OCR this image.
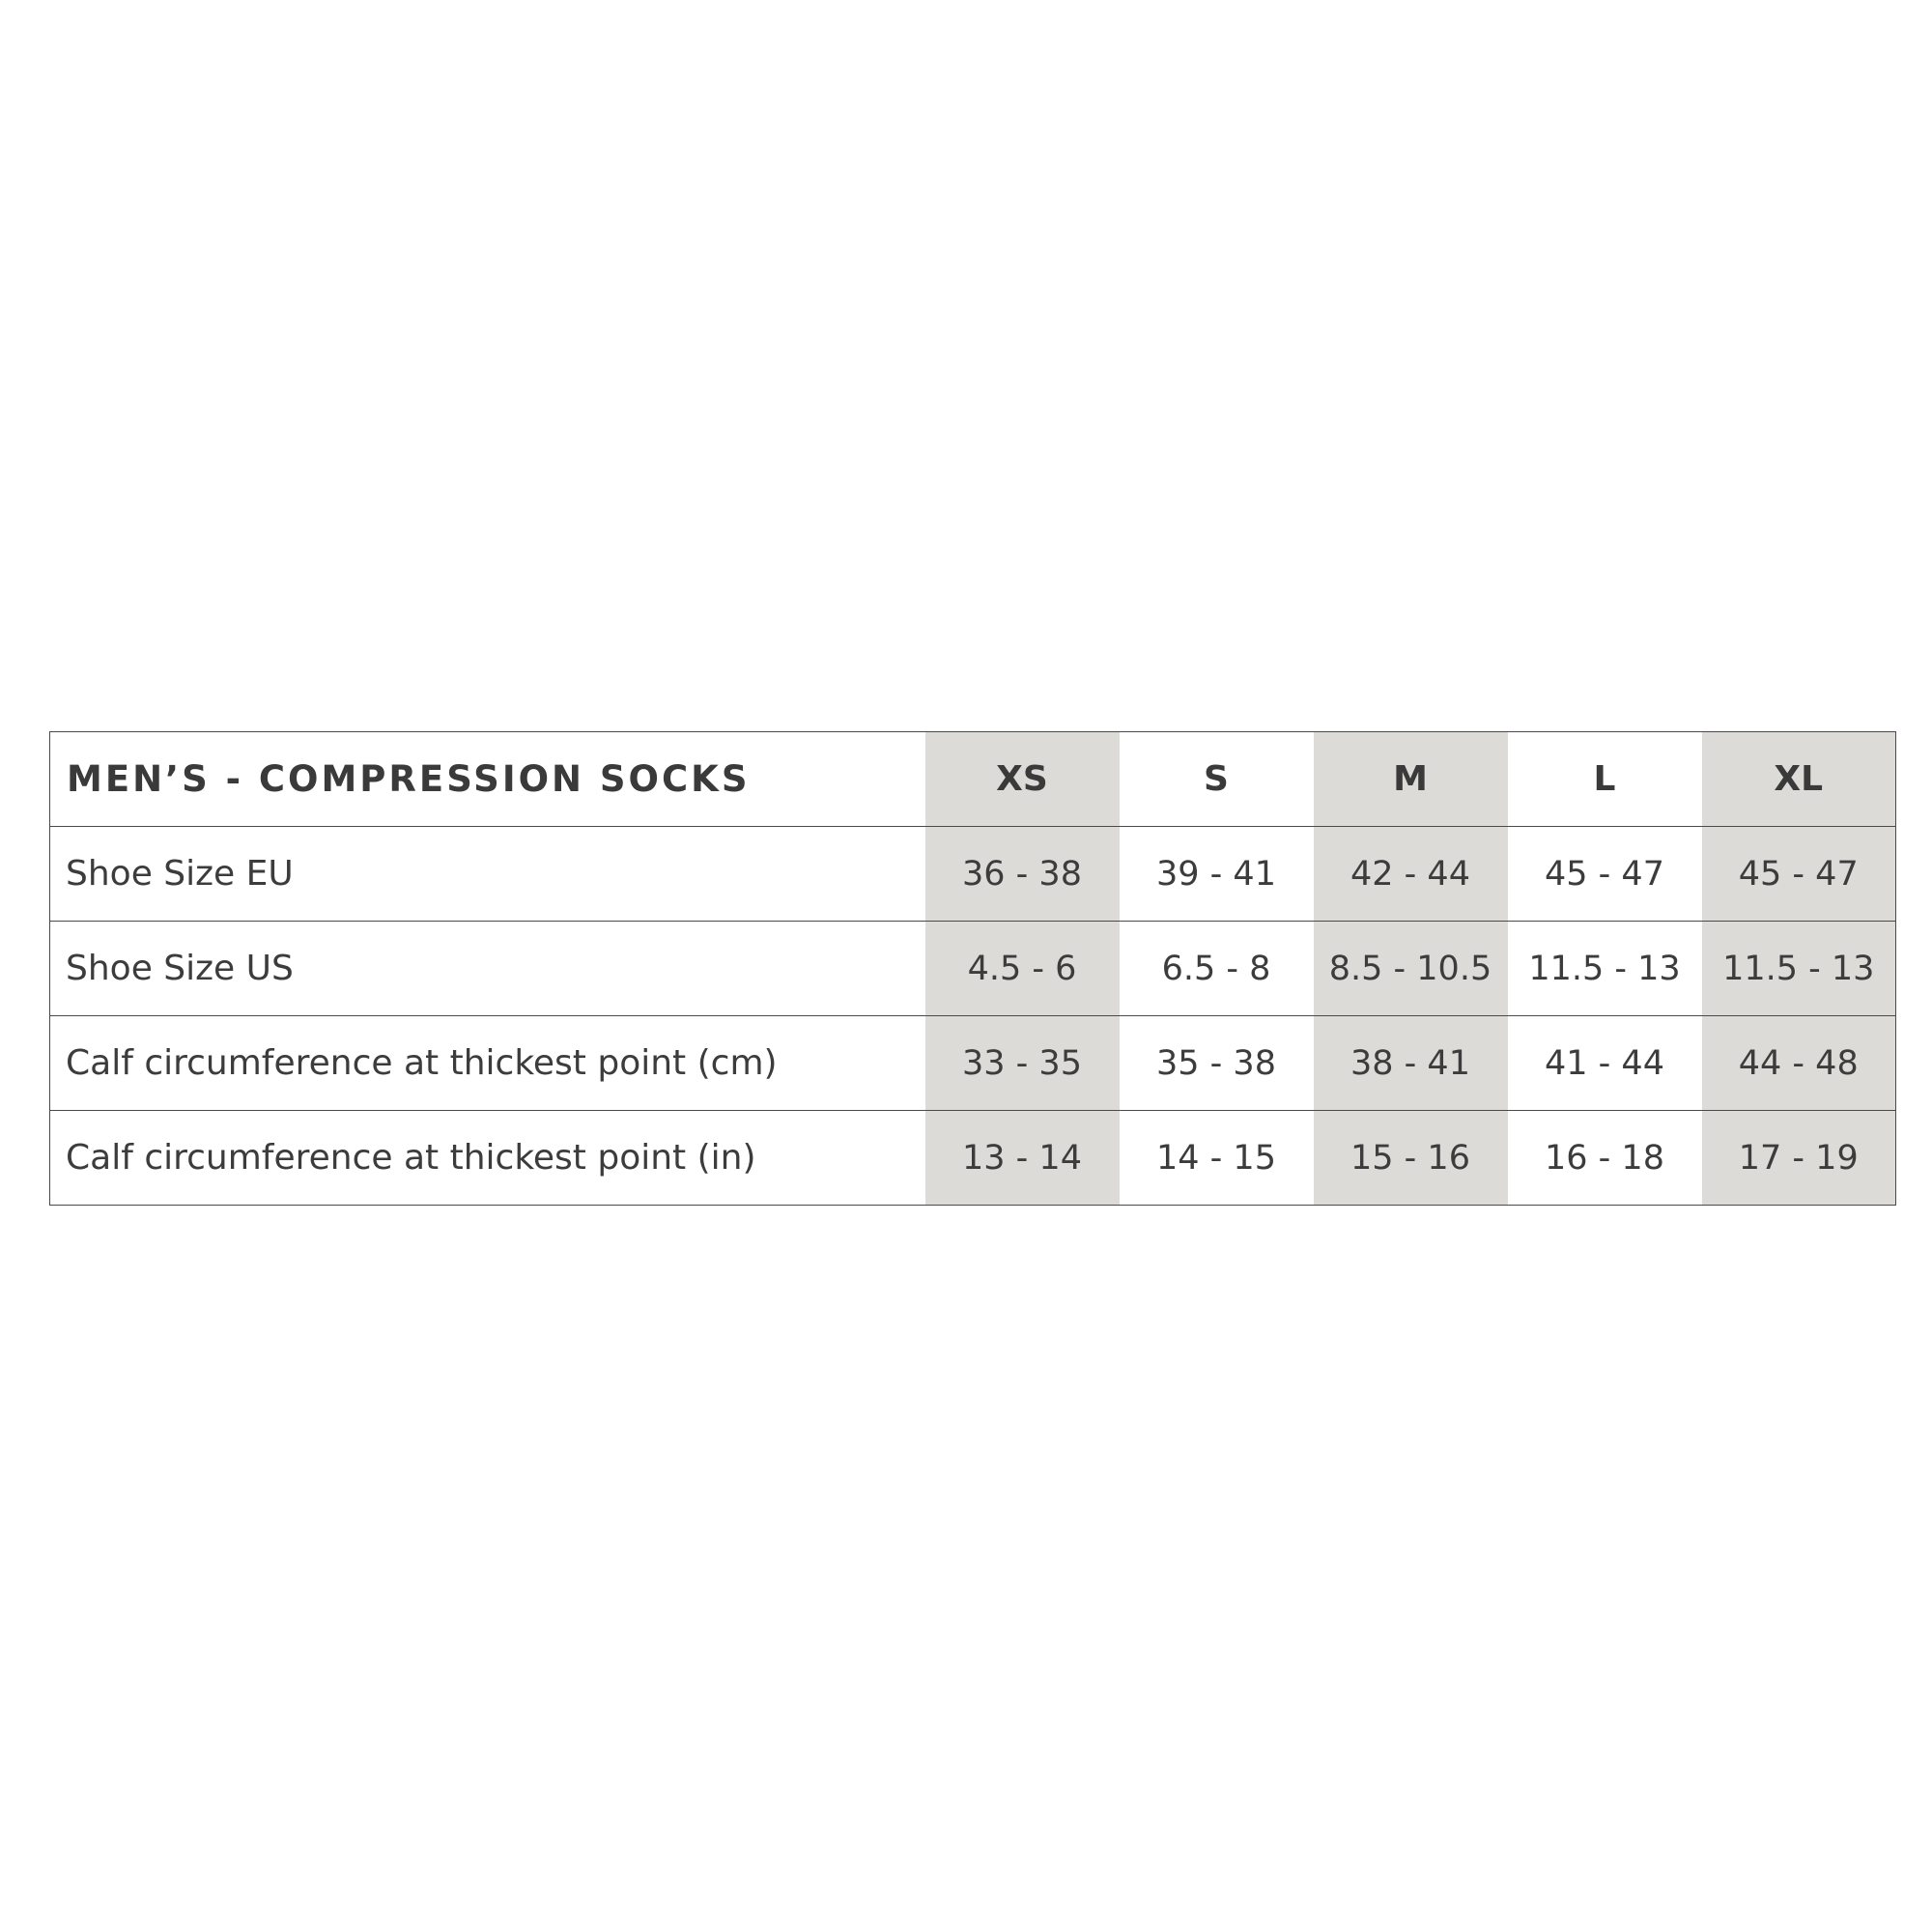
MEN’S - COMPRESSION SOCKS	XS	S	M	L	XL
Shoe Size EU	36 - 38	39 - 41	42 - 44	45 - 47	45 - 47
Shoe Size US	4.5 - 6	6.5 - 8	8.5 - 10.5	11.5 - 13	11.5 - 13
Calf circumference at thickest point (cm)	33 - 35	35 - 38	38 - 41	41 - 44	44 - 48
Calf circumference at thickest point (in)	13 - 14	14 - 15	15 - 16	16 - 18	17 - 19
